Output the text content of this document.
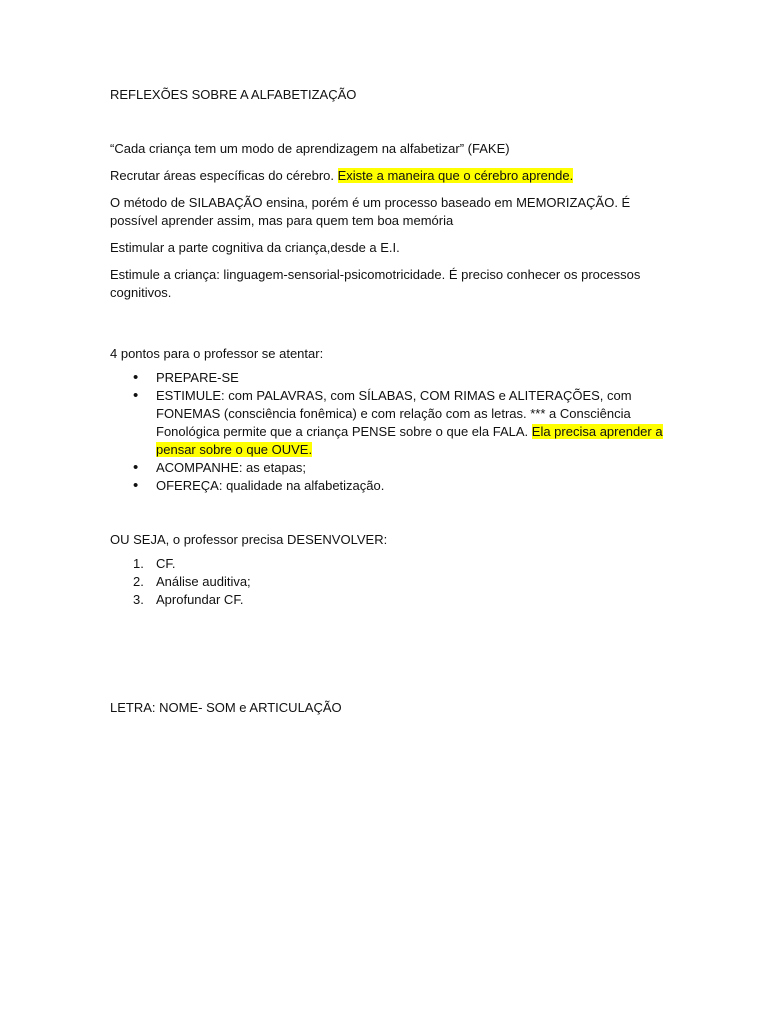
REFLEXÕES SOBRE A ALFABETIZAÇÃO

“Cada criança tem um modo de aprendizagem na alfabetizar” (FAKE)

Recrutar áreas específicas do cérebro. Existe a maneira que o cérebro aprende.

O método de SILABAÇÃO ensina, porém é um processo baseado em MEMORIZAÇÃO. É possível aprender assim, mas para quem tem boa memória

Estimular a parte cognitiva da criança,desde a E.I.

Estimule a criança: linguagem-sensorial-psicomotricidade. É preciso conhecer os processos cognitivos.

4 pontos para o professor se atentar:

• PREPARE-SE
• ESTIMULE: com PALAVRAS, com SÍLABAS, COM RIMAS e ALITERAÇÕES, com FONEMAS (consciência fonêmica) e com relação com as letras. *** a Consciência Fonológica permite que a criança PENSE sobre o que ela FALA. Ela precisa aprender a pensar sobre o que OUVE.
• ACOMPANHE: as etapas;
• OFEREÇA: qualidade na alfabetização.

OU SEJA, o professor precisa DESENVOLVER:

CF.
Análise auditiva;
Aprofundar CF.

LETRA: NOME- SOM e ARTICULAÇÃO
